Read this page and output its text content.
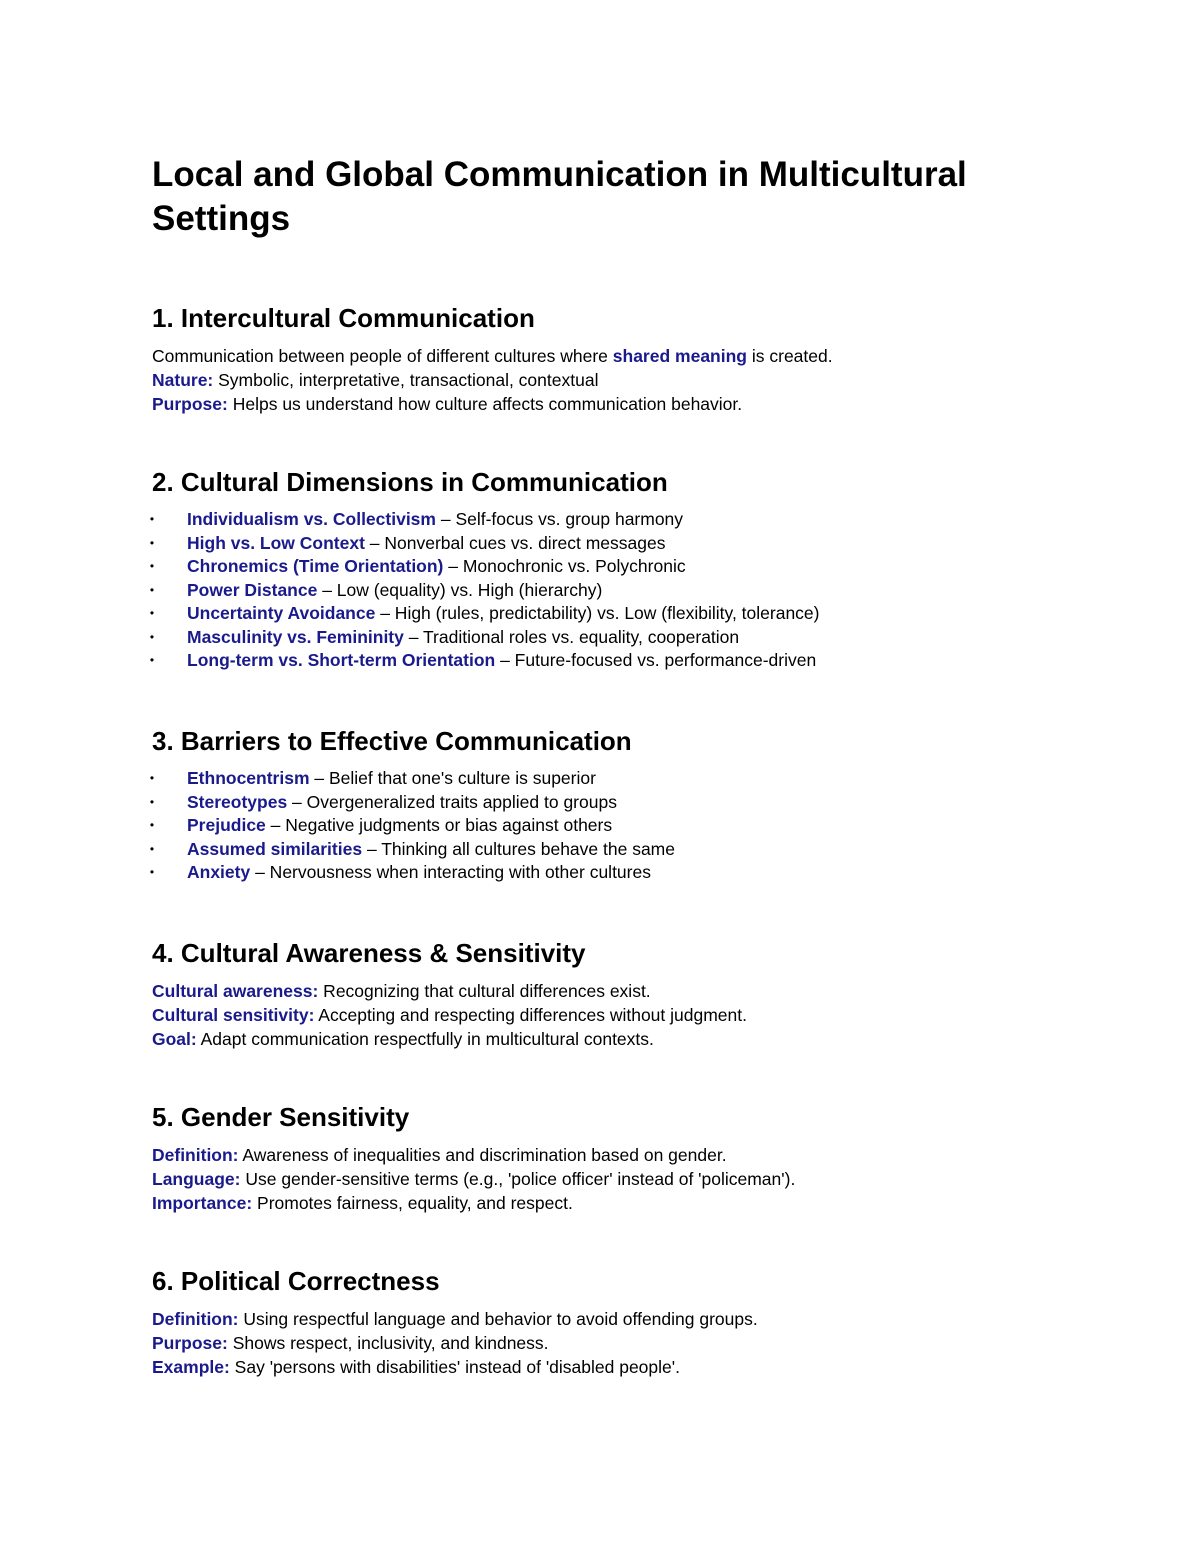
Local and Global Communication in Multicultural Settings
1. Intercultural Communication
Communication between people of different cultures where shared meaning is created.
Nature: Symbolic, interpretative, transactional, contextual
Purpose: Helps us understand how culture affects communication behavior.
2. Cultural Dimensions in Communication
• Individualism vs. Collectivism – Self-focus vs. group harmony
• High vs. Low Context – Nonverbal cues vs. direct messages
• Chronemics (Time Orientation) – Monochronic vs. Polychronic
• Power Distance – Low (equality) vs. High (hierarchy)
• Uncertainty Avoidance – High (rules, predictability) vs. Low (flexibility, tolerance)
• Masculinity vs. Femininity – Traditional roles vs. equality, cooperation
• Long-term vs. Short-term Orientation – Future-focused vs. performance-driven
3. Barriers to Effective Communication
• Ethnocentrism – Belief that one's culture is superior
• Stereotypes – Overgeneralized traits applied to groups
• Prejudice – Negative judgments or bias against others
• Assumed similarities – Thinking all cultures behave the same
• Anxiety – Nervousness when interacting with other cultures
4. Cultural Awareness & Sensitivity
Cultural awareness: Recognizing that cultural differences exist.
Cultural sensitivity: Accepting and respecting differences without judgment.
Goal: Adapt communication respectfully in multicultural contexts.
5. Gender Sensitivity
Definition: Awareness of inequalities and discrimination based on gender.
Language: Use gender-sensitive terms (e.g., 'police officer' instead of 'policeman').
Importance: Promotes fairness, equality, and respect.
6. Political Correctness
Definition: Using respectful language and behavior to avoid offending groups.
Purpose: Shows respect, inclusivity, and kindness.
Example: Say 'persons with disabilities' instead of 'disabled people'.
